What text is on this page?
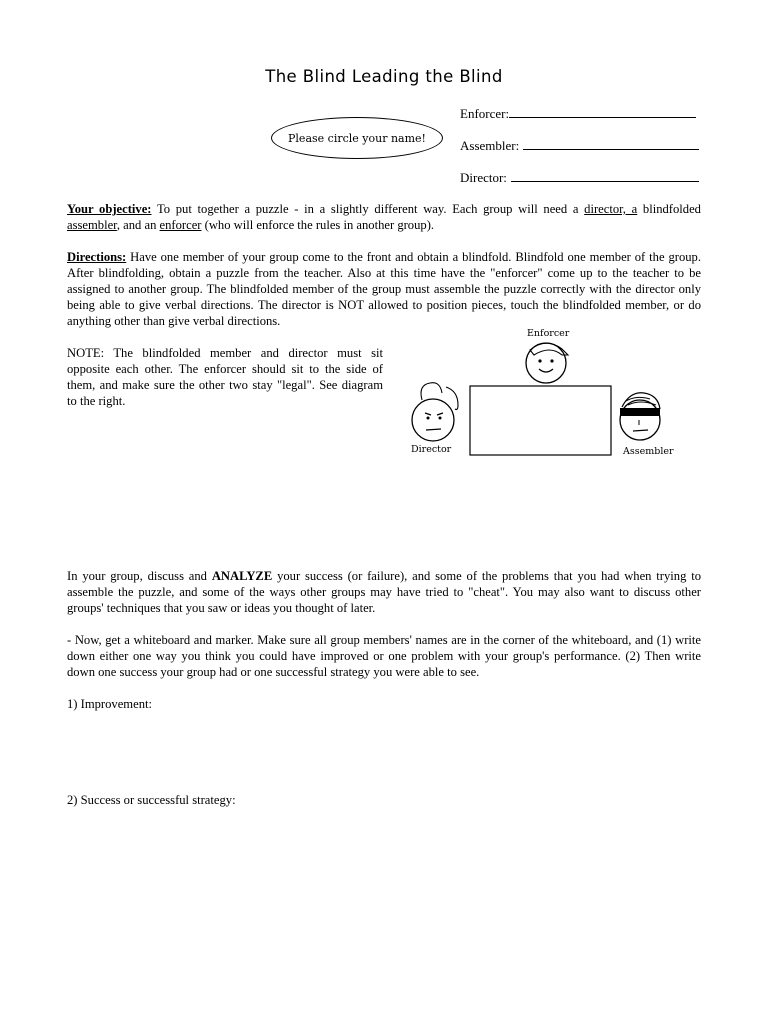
The Blind Leading the Blind
Please circle your name!
Enforcer:
Assembler:
Director:
Your objective: To put together a puzzle - in a slightly different way. Each group will need a director, a blindfolded assembler, and an enforcer (who will enforce the rules in another group).
Directions: Have one member of your group come to the front and obtain a blindfold. Blindfold one member of the group. After blindfolding, obtain a puzzle from the teacher. Also at this time have the "enforcer" come up to the teacher to be assigned to another group. The blindfolded member of the group must assemble the puzzle correctly with the director only being able to give verbal directions. The director is NOT allowed to position pieces, touch the blindfolded member, or do anything other than give verbal directions.
NOTE: The blindfolded member and director must sit opposite each other. The enforcer should sit to the side of them, and make sure the other two stay "legal". See diagram to the right.
Enforcer
Director	Assembler
In your group, discuss and ANALYZE your success (or failure), and some of the problems that you had when trying to assemble the puzzle, and some of the ways other groups may have tried to "cheat". You may also want to discuss other groups' techniques that you saw or ideas you thought of later.
- Now, get a whiteboard and marker. Make sure all group members' names are in the corner of the whiteboard, and (1) write down either one way you think you could have improved or one problem with your group's performance. (2) Then write down one success your group had or one successful strategy you were able to see.
1) Improvement:
2) Success or successful strategy:
